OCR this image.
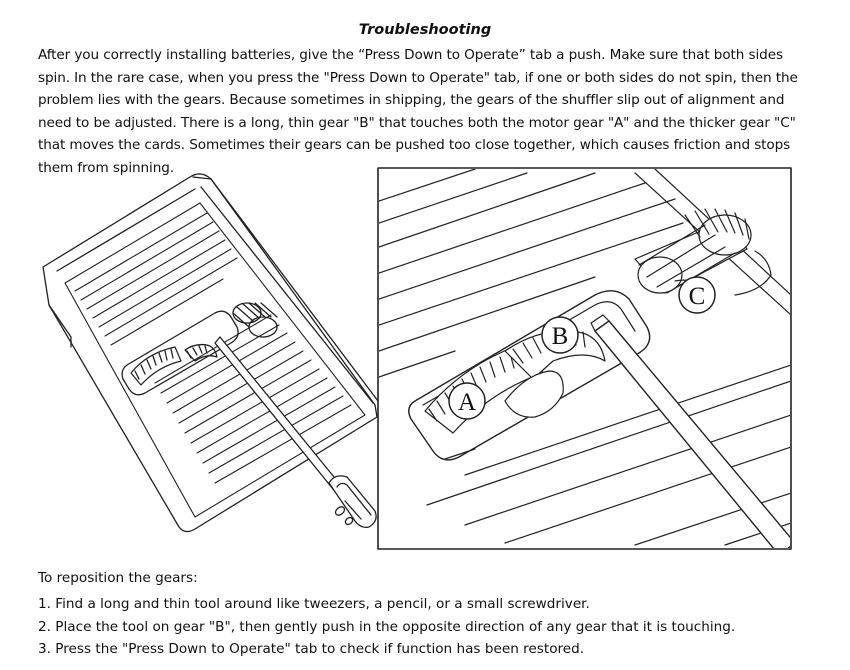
Troubleshooting

After you correctly installing batteries, give the “Press Down to Operate” tab a push. Make sure that both sides spin. In the rare case, when you press the "Press Down to Operate" tab, if one or both sides do not spin, then the problem lies with the gears. Because sometimes in shipping, the gears of the shuffler slip out of alignment and need to be adjusted. There is a long, thin gear "B" that touches both the motor gear "A" and the thicker gear "C" that moves the cards. Sometimes their gears can be pushed too close together, which causes friction and stops them from spinning.

A
B
C

To reposition the gears:

1. Find a long and thin tool around like tweezers, a pencil, or a small screwdriver.
2. Place the tool on gear "B", then gently push in the opposite direction of any gear that it is touching.
3. Press the "Press Down to Operate" tab to check if function has been restored.
